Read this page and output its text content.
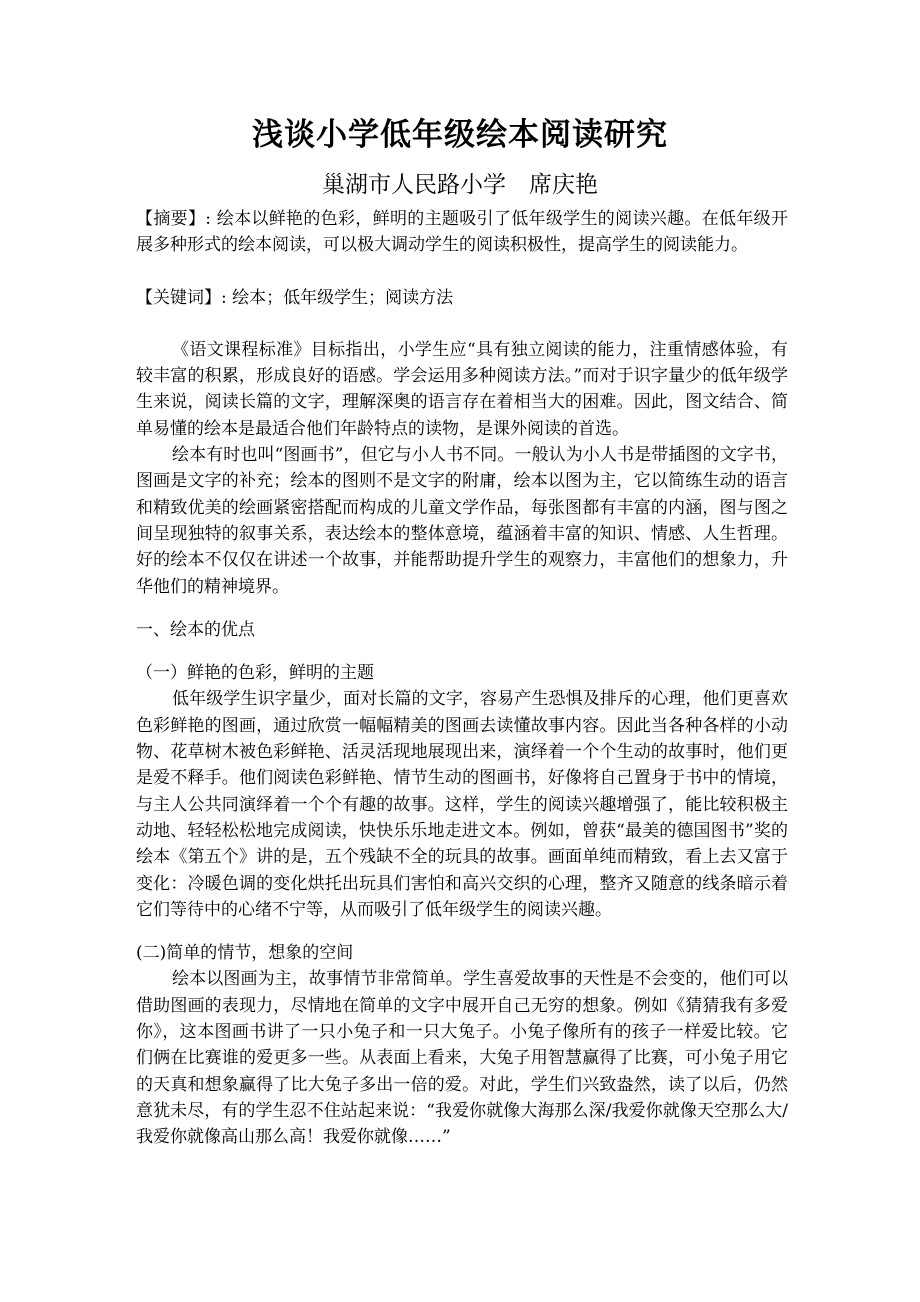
浅谈小学低年级绘本阅读研究
巢湖市人民路小学　席庆艳

【摘要】: 绘本以鲜艳的色彩，鲜明的主题吸引了低年级学生的阅读兴趣。在低年级开展多种形式的绘本阅读，可以极大调动学生的阅读积极性，提高学生的阅读能力。

【关键词】: 绘本；低年级学生；阅读方法

《语文课程标准》目标指出，小学生应“具有独立阅读的能力，注重情感体验，有较丰富的积累，形成良好的语感。学会运用多种阅读方法。”而对于识字量少的低年级学生来说，阅读长篇的文字，理解深奥的语言存在着相当大的困难。因此，图文结合、简单易懂的绘本是最适合他们年龄特点的读物，是课外阅读的首选。

绘本有时也叫“图画书”，但它与小人书不同。一般认为小人书是带插图的文字书，图画是文字的补充；绘本的图则不是文字的附庸，绘本以图为主，它以简练生动的语言和精致优美的绘画紧密搭配而构成的儿童文学作品，每张图都有丰富的内涵，图与图之间呈现独特的叙事关系，表达绘本的整体意境，蕴涵着丰富的知识、情感、人生哲理。好的绘本不仅仅在讲述一个故事，并能帮助提升学生的观察力，丰富他们的想象力，升华他们的精神境界。

一、绘本的优点

（一）鲜艳的色彩，鲜明的主题

低年级学生识字量少，面对长篇的文字，容易产生恐惧及排斥的心理，他们更喜欢色彩鲜艳的图画，通过欣赏一幅幅精美的图画去读懂故事内容。因此当各种各样的小动物、花草树木被色彩鲜艳、活灵活现地展现出来，演绎着一个个生动的故事时，他们更是爱不释手。他们阅读色彩鲜艳、情节生动的图画书，好像将自己置身于书中的情境，与主人公共同演绎着一个个有趣的故事。这样，学生的阅读兴趣增强了，能比较积极主动地、轻轻松松地完成阅读，快快乐乐地走进文本。例如，曾获“最美的德国图书”奖的绘本《第五个》讲的是，五个残缺不全的玩具的故事。画面单纯而精致，看上去又富于变化：冷暖色调的变化烘托出玩具们害怕和高兴交织的心理，整齐又随意的线条暗示着它们等待中的心绪不宁等，从而吸引了低年级学生的阅读兴趣。

(二)简单的情节，想象的空间

绘本以图画为主，故事情节非常简单。学生喜爱故事的天性是不会变的，他们可以借助图画的表现力，尽情地在简单的文字中展开自己无穷的想象。例如《猜猜我有多爱你》，这本图画书讲了一只小兔子和一只大兔子。小兔子像所有的孩子一样爱比较。它们俩在比赛谁的爱更多一些。从表面上看来，大兔子用智慧赢得了比赛，可小兔子用它的天真和想象赢得了比大兔子多出一倍的爱。对此，学生们兴致盎然，读了以后，仍然意犹未尽，有的学生忍不住站起来说：“我爱你就像大海那么深/我爱你就像天空那么大/我爱你就像高山那么高！我爱你就像……”
